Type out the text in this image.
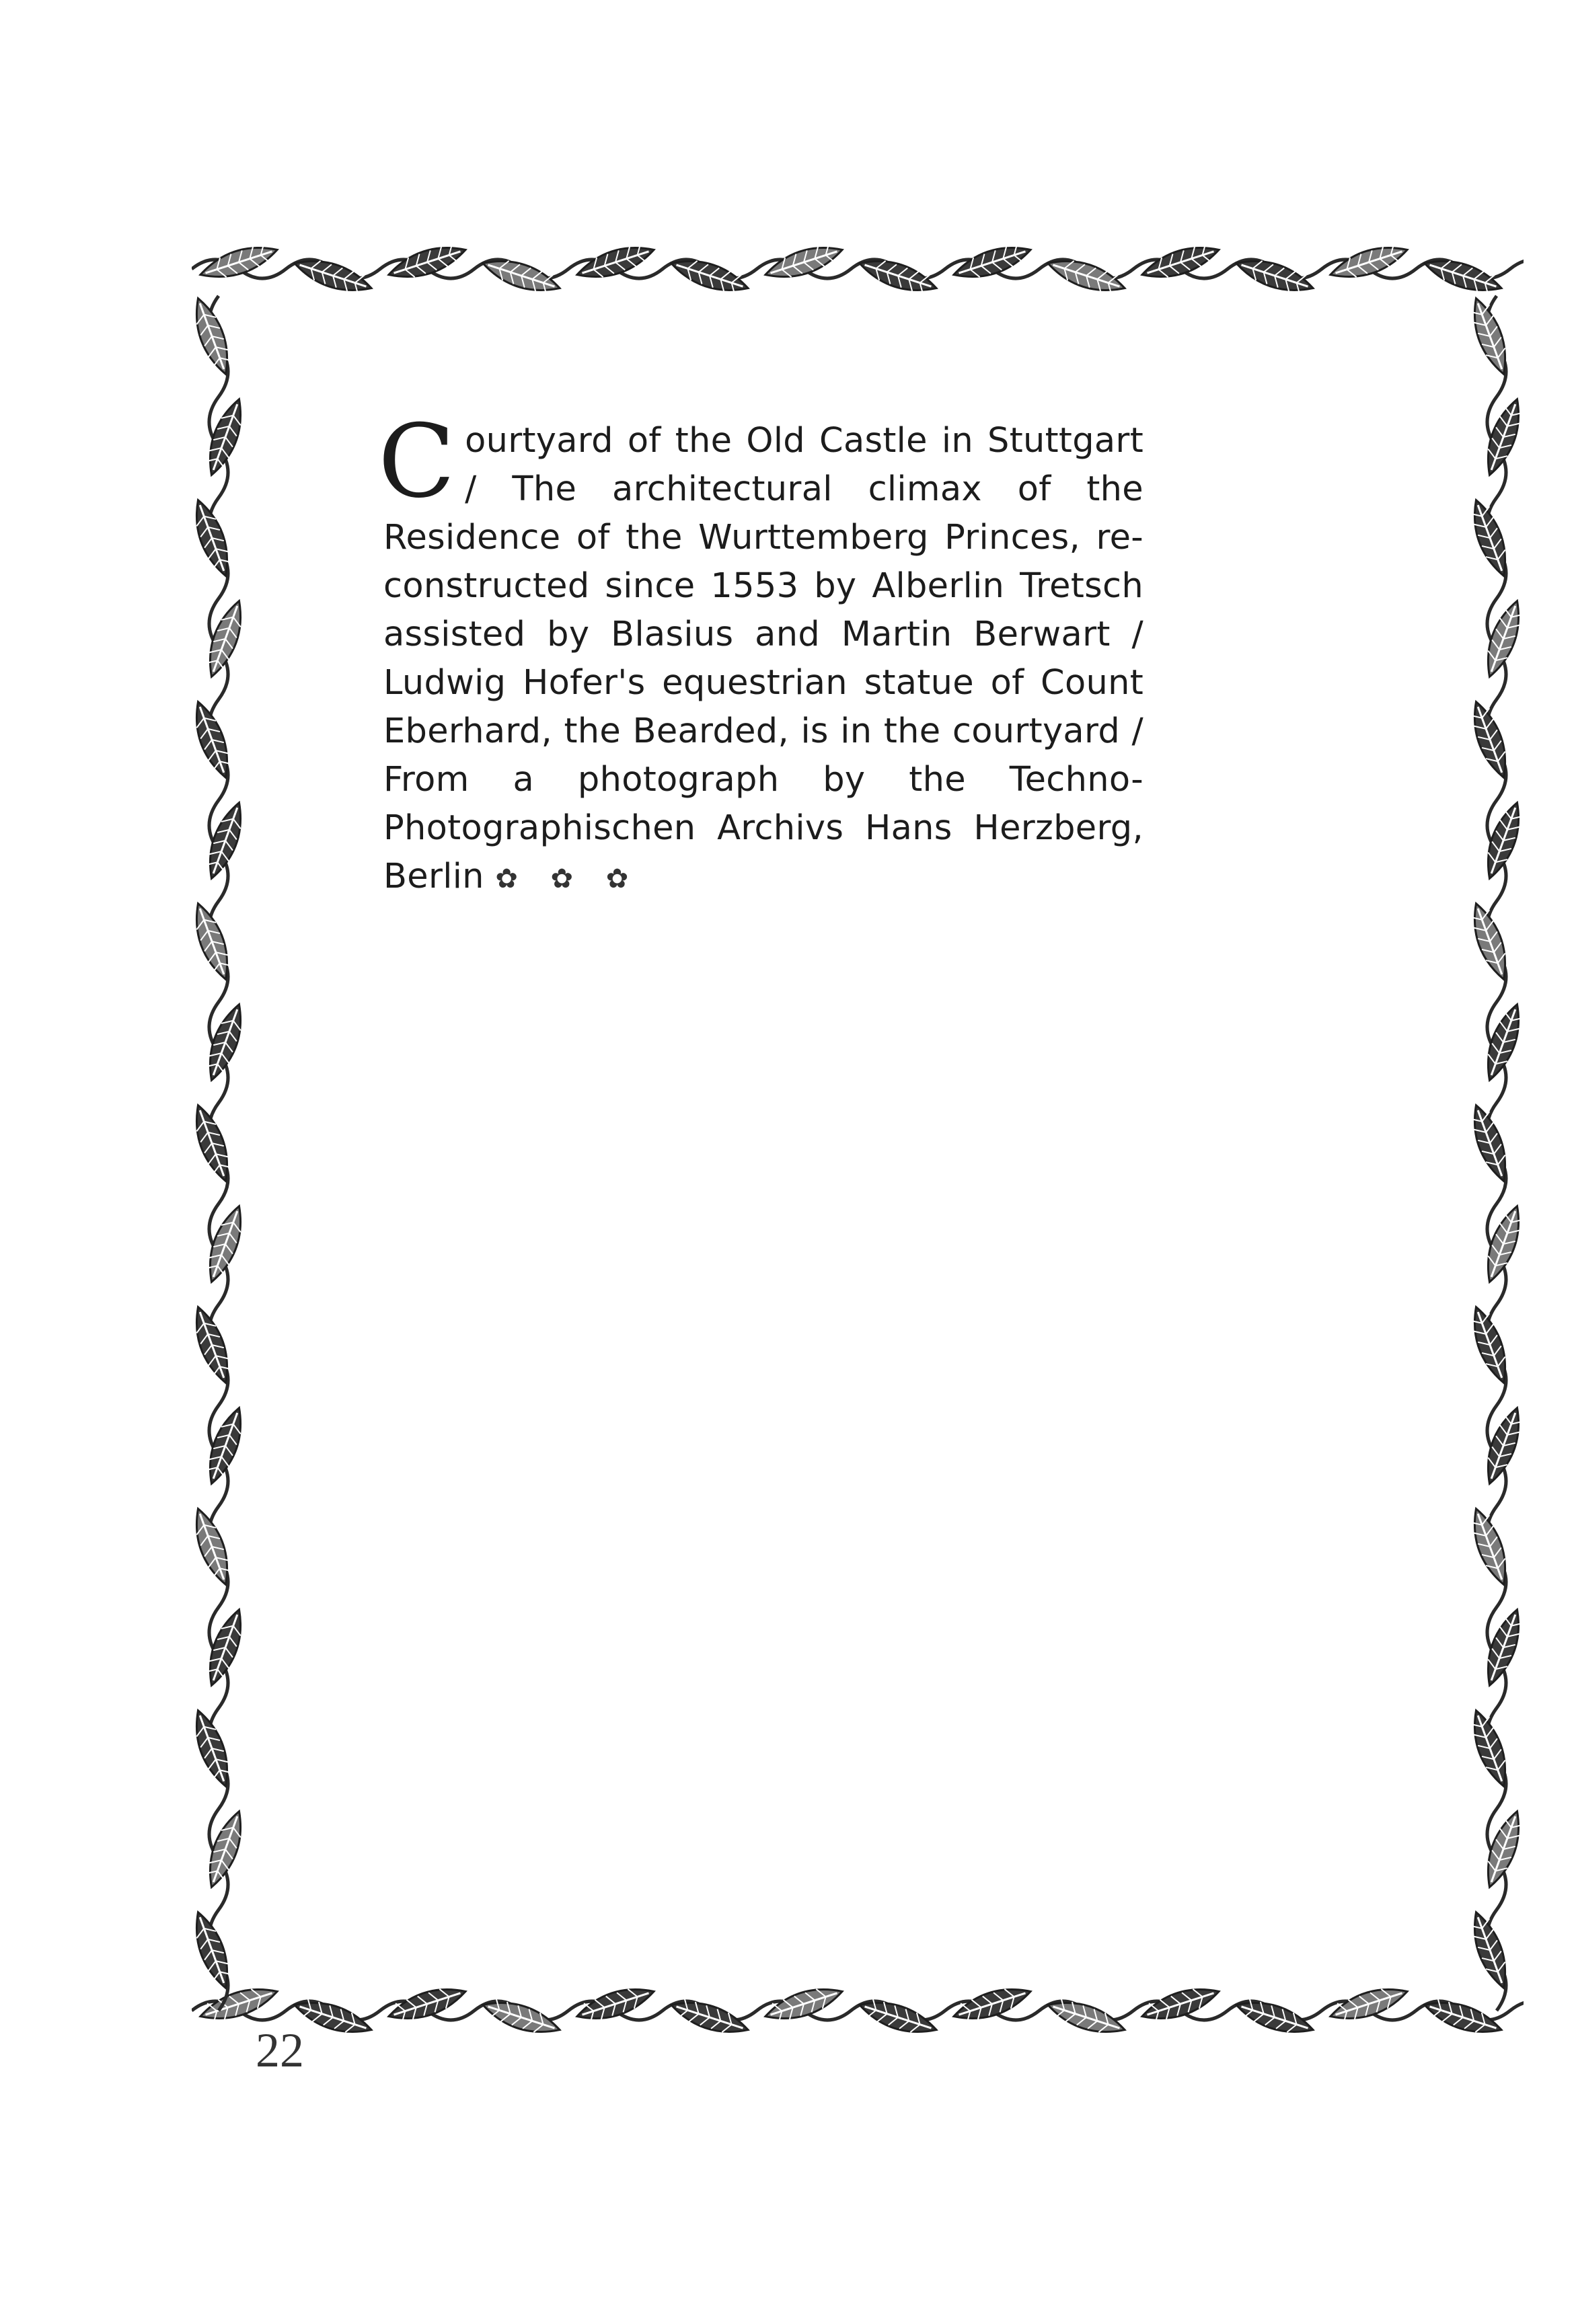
Courtyard of the Old Castle in Stuttgart / The architectural climax of the Residence of the Wurttemberg Princes, re-constructed since 1553 by Alberlin Tretsch assisted by Blasius and Martin Berwart / Ludwig Hofer's equestrian statue of Count Eberhard, the Bearded, is in the courtyard / From a photograph by the Techno-Photographischen Archivs Hans Herzberg, Berlin ✿ ✿ ✿
22
